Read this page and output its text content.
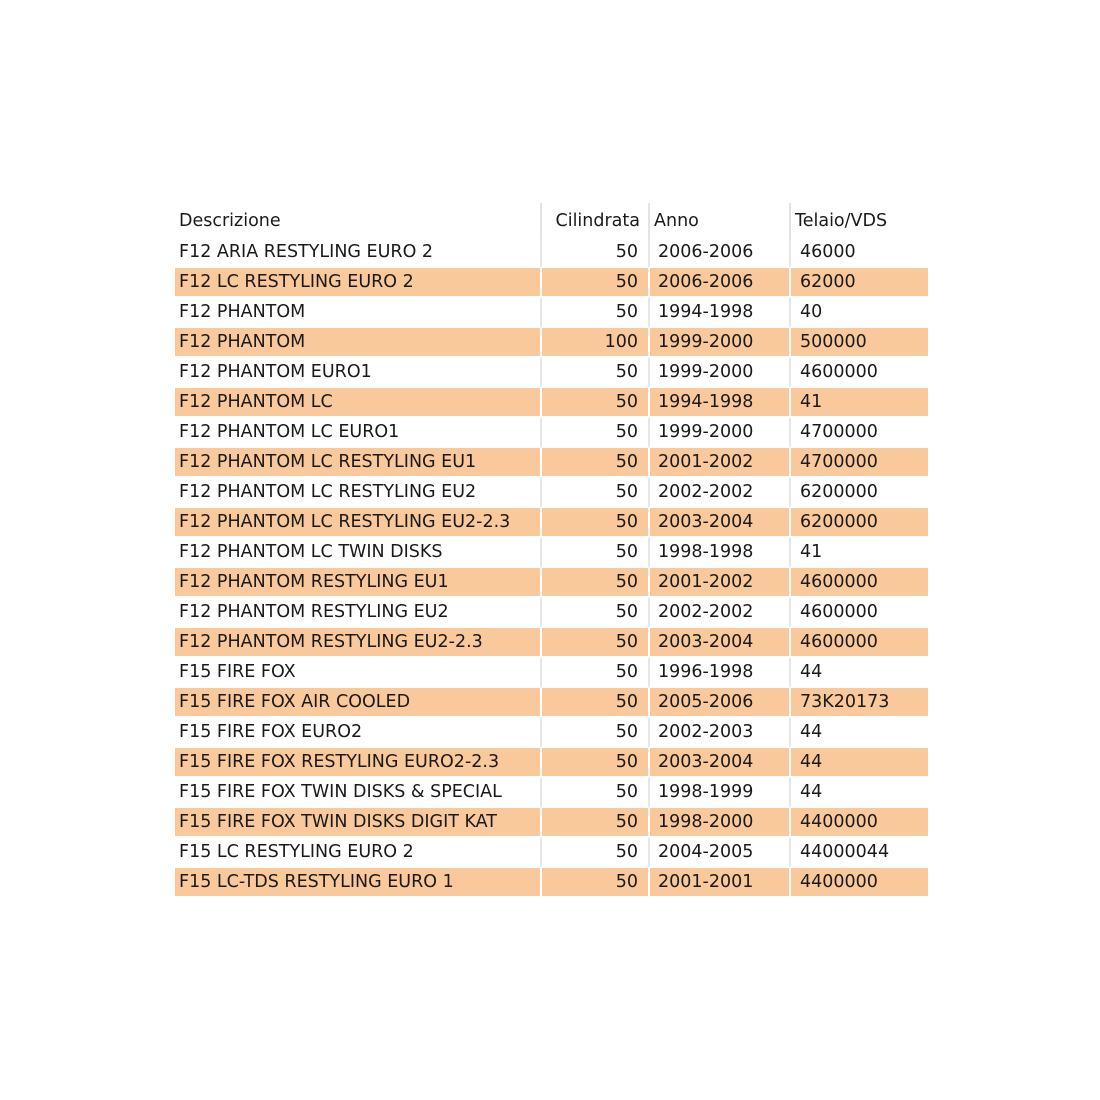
Descrizione	Cilindrata	Anno	Telaio/VDS
F12 ARIA RESTYLING EURO 2	50	2006-2006	46000
F12 LC RESTYLING EURO 2	50	2006-2006	62000
F12 PHANTOM	50	1994-1998	40
F12 PHANTOM	100	1999-2000	500000
F12 PHANTOM EURO1	50	1999-2000	4600000
F12 PHANTOM LC	50	1994-1998	41
F12 PHANTOM LC EURO1	50	1999-2000	4700000
F12 PHANTOM LC RESTYLING EU1	50	2001-2002	4700000
F12 PHANTOM LC RESTYLING EU2	50	2002-2002	6200000
F12 PHANTOM LC RESTYLING EU2-2.3	50	2003-2004	6200000
F12 PHANTOM LC TWIN DISKS	50	1998-1998	41
F12 PHANTOM RESTYLING EU1	50	2001-2002	4600000
F12 PHANTOM RESTYLING EU2	50	2002-2002	4600000
F12 PHANTOM RESTYLING EU2-2.3	50	2003-2004	4600000
F15 FIRE FOX	50	1996-1998	44
F15 FIRE FOX AIR COOLED	50	2005-2006	73K20173
F15 FIRE FOX EURO2	50	2002-2003	44
F15 FIRE FOX RESTYLING EURO2-2.3	50	2003-2004	44
F15 FIRE FOX TWIN DISKS & SPECIAL	50	1998-1999	44
F15 FIRE FOX TWIN DISKS DIGIT KAT	50	1998-2000	4400000
F15 LC RESTYLING EURO 2	50	2004-2005	44000044
F15 LC-TDS RESTYLING EURO 1	50	2001-2001	4400000
